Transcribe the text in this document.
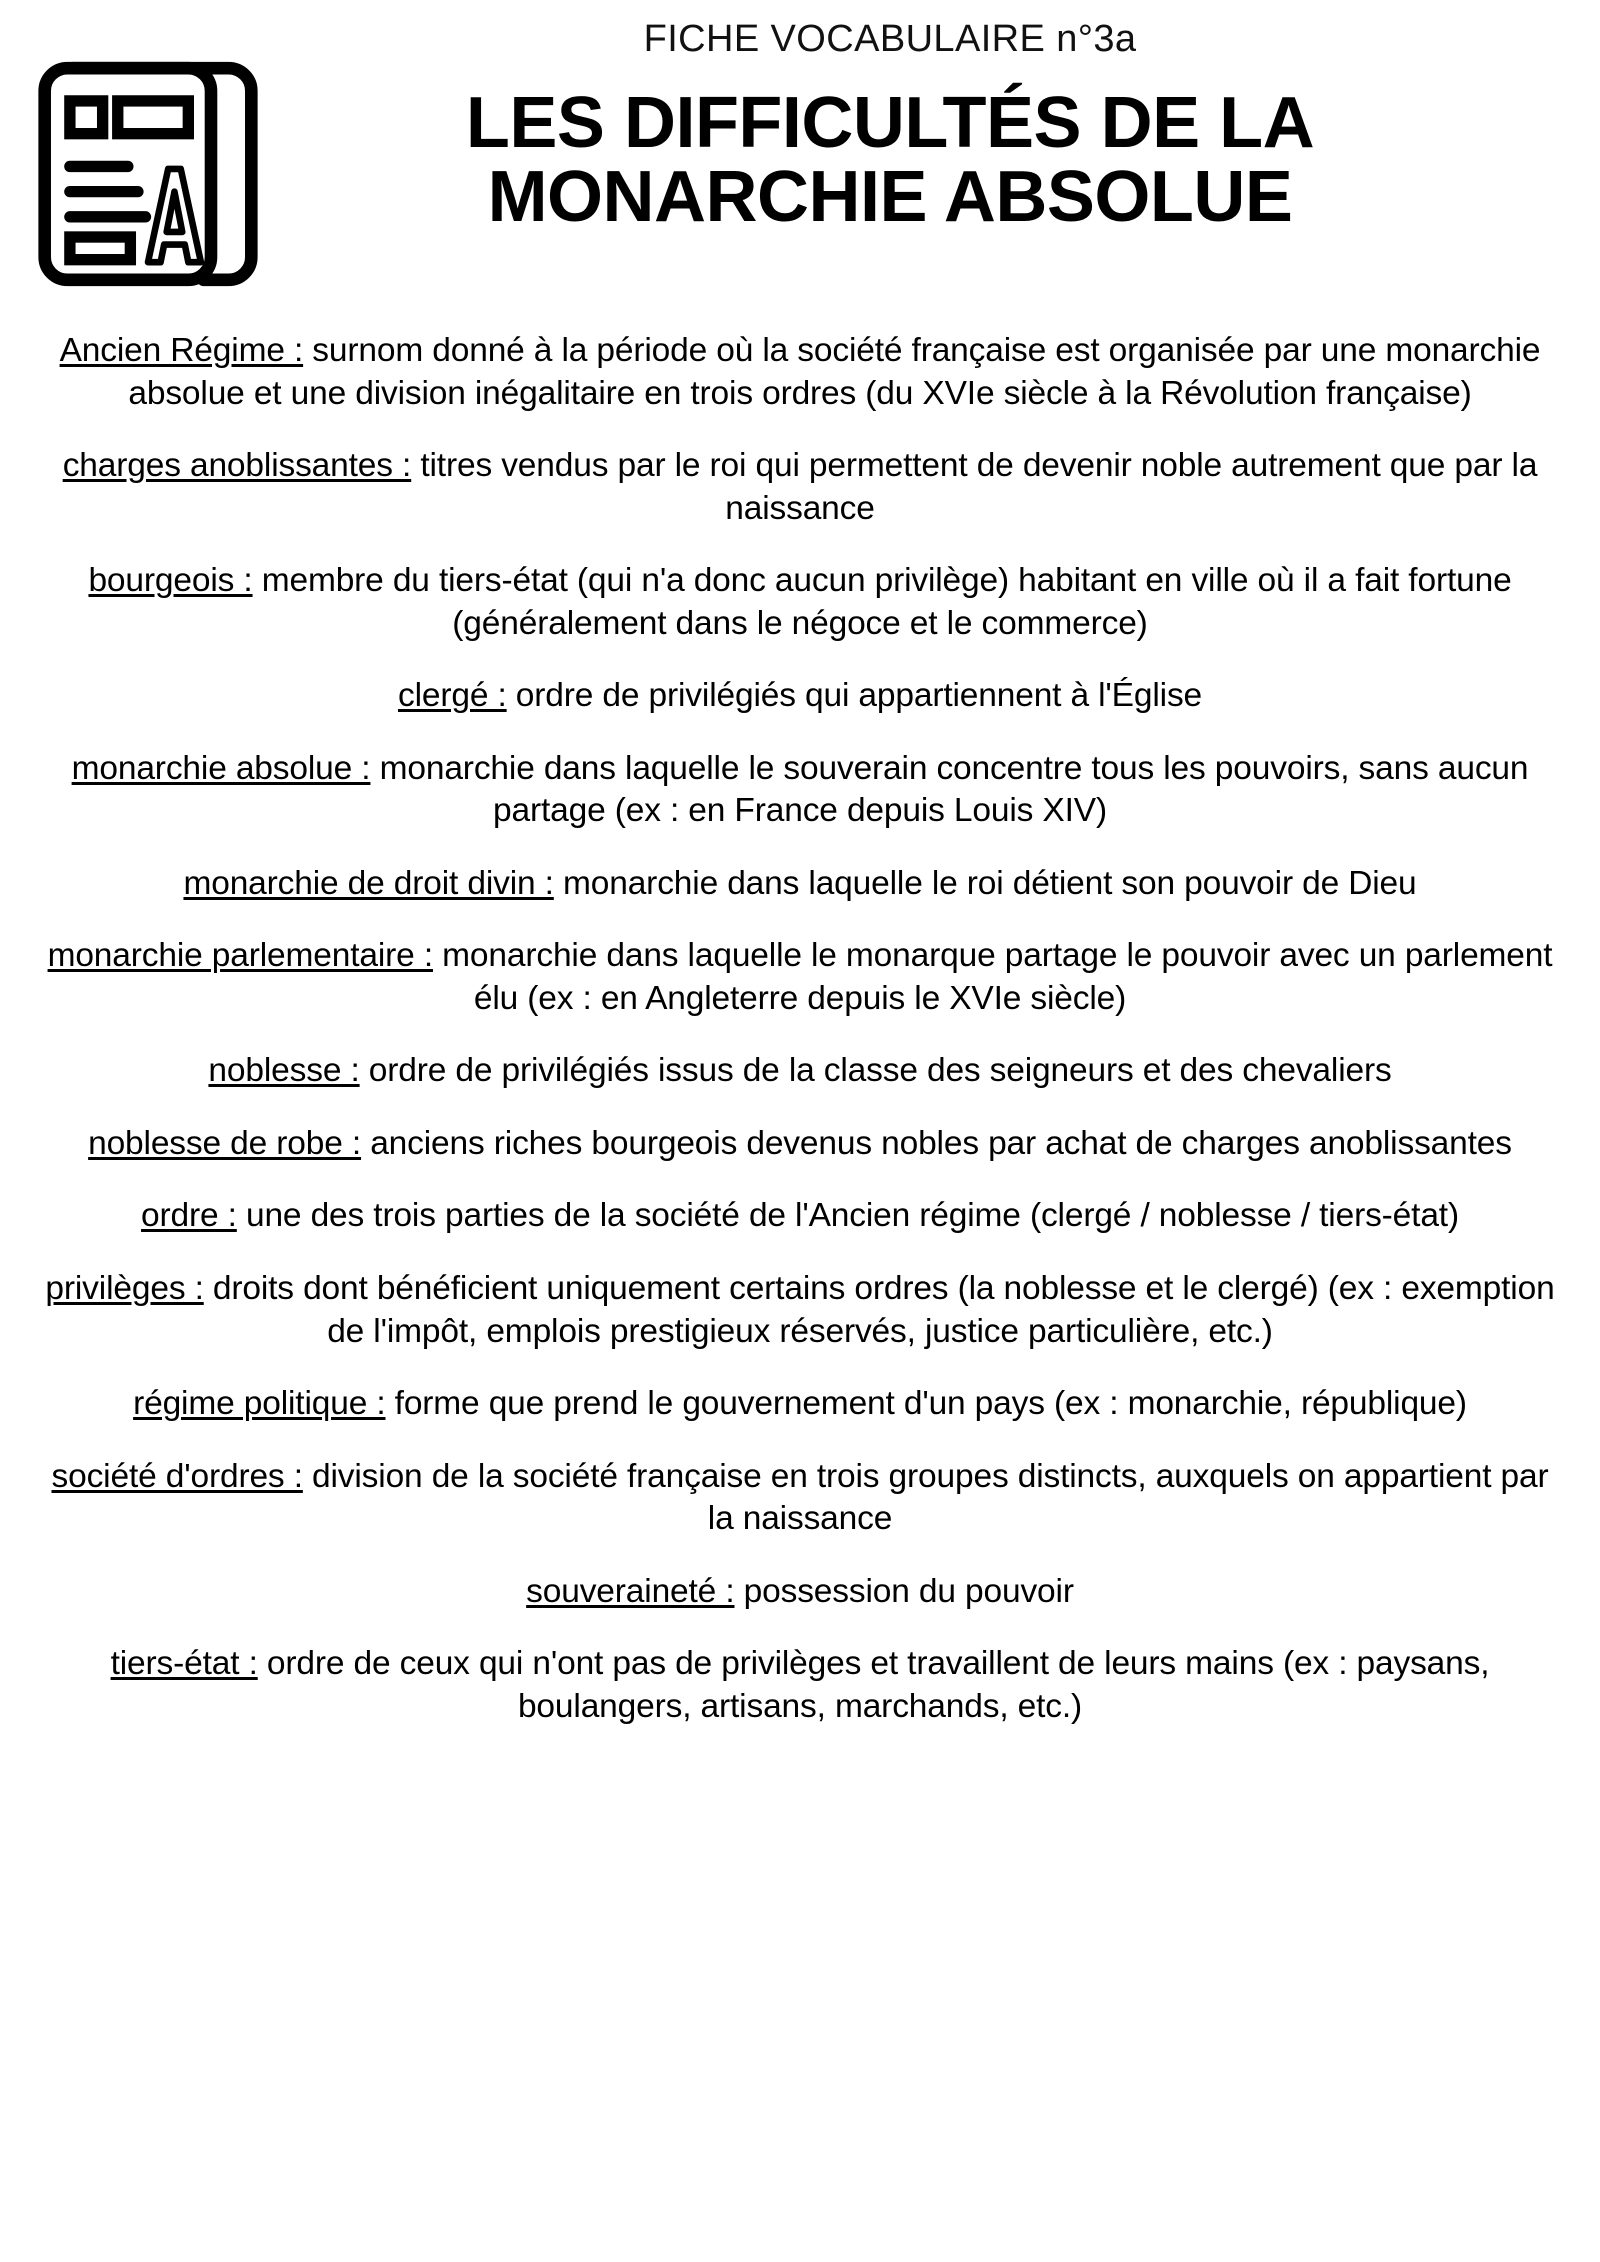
FICHE VOCABULAIRE n°3a
LES DIFFICULTÉS DE LA
MONARCHIE ABSOLUE

Ancien Régime : surnom donné à la période où la société française est organisée par une monarchie absolue et une division inégalitaire en trois ordres (du XVIe siècle à la Révolution française)

charges anoblissantes : titres vendus par le roi qui permettent de devenir noble autrement que par la naissance

bourgeois : membre du tiers-état (qui n'a donc aucun privilège) habitant en ville où il a fait fortune (généralement dans le négoce et le commerce)

clergé : ordre de privilégiés qui appartiennent à l'Église

monarchie absolue : monarchie dans laquelle le souverain concentre tous les pouvoirs, sans aucun partage (ex : en France depuis Louis XIV)

monarchie de droit divin : monarchie dans laquelle le roi détient son pouvoir de Dieu

monarchie parlementaire : monarchie dans laquelle le monarque partage le pouvoir avec un parlement élu (ex : en Angleterre depuis le XVIe siècle)

noblesse : ordre de privilégiés issus de la classe des seigneurs et des chevaliers

noblesse de robe : anciens riches bourgeois devenus nobles par achat de charges anoblissantes

ordre : une des trois parties de la société de l'Ancien régime (clergé / noblesse / tiers-état)

privilèges : droits dont bénéficient uniquement certains ordres (la noblesse et le clergé) (ex : exemption de l'impôt, emplois prestigieux réservés, justice particulière, etc.)

régime politique : forme que prend le gouvernement d'un pays (ex : monarchie, république)

société d'ordres : division de la société française en trois groupes distincts, auxquels on appartient par la naissance

souveraineté : possession du pouvoir

tiers-état : ordre de ceux qui n'ont pas de privilèges et travaillent de leurs mains (ex : paysans, boulangers, artisans, marchands, etc.)
